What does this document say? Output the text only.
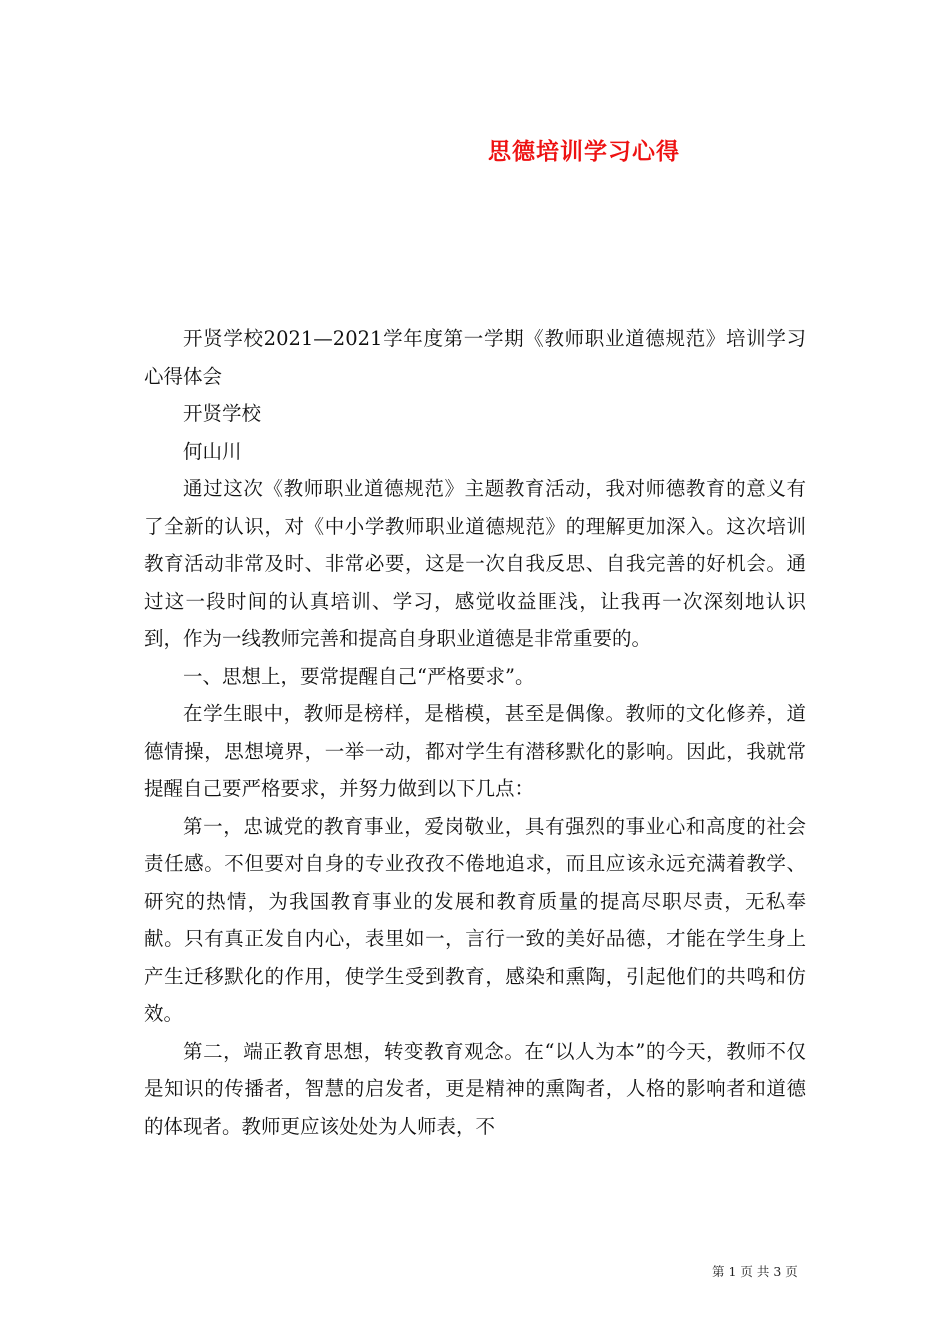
思德培训学习心得

开贤学校2021—2021学年度第一学期《教师职业道德规范》培训学习心得体会

开贤学校

何山川

通过这次《教师职业道德规范》主题教育活动，我对师德教育的意义有了全新的认识，对《中小学教师职业道德规范》的理解更加深入。这次培训教育活动非常及时、非常必要，这是一次自我反思、自我完善的好机会。通过这一段时间的认真培训、学习，感觉收益匪浅，让我再一次深刻地认识到，作为一线教师完善和提高自身职业道德是非常重要的。

一、思想上，要常提醒自己“严格要求”。

在学生眼中，教师是榜样，是楷模，甚至是偶像。教师的文化修养，道德情操，思想境界，一举一动，都对学生有潜移默化的影响。因此，我就常提醒自己要严格要求，并努力做到以下几点：

第一，忠诚党的教育事业，爱岗敬业，具有强烈的事业心和高度的社会责任感。不但要对自身的专业孜孜不倦地追求，而且应该永远充满着教学、研究的热情，为我国教育事业的发展和教育质量的提高尽职尽责，无私奉献。只有真正发自内心，表里如一，言行一致的美好品德，才能在学生身上产生迁移默化的作用，使学生受到教育，感染和熏陶，引起他们的共鸣和仿效。

第二，端正教育思想，转变教育观念。在“以人为本”的今天，教师不仅是知识的传播者，智慧的启发者，更是精神的熏陶者，人格的影响者和道德的体现者。教师更应该处处为人师表，不

第 1 页 共 3 页
